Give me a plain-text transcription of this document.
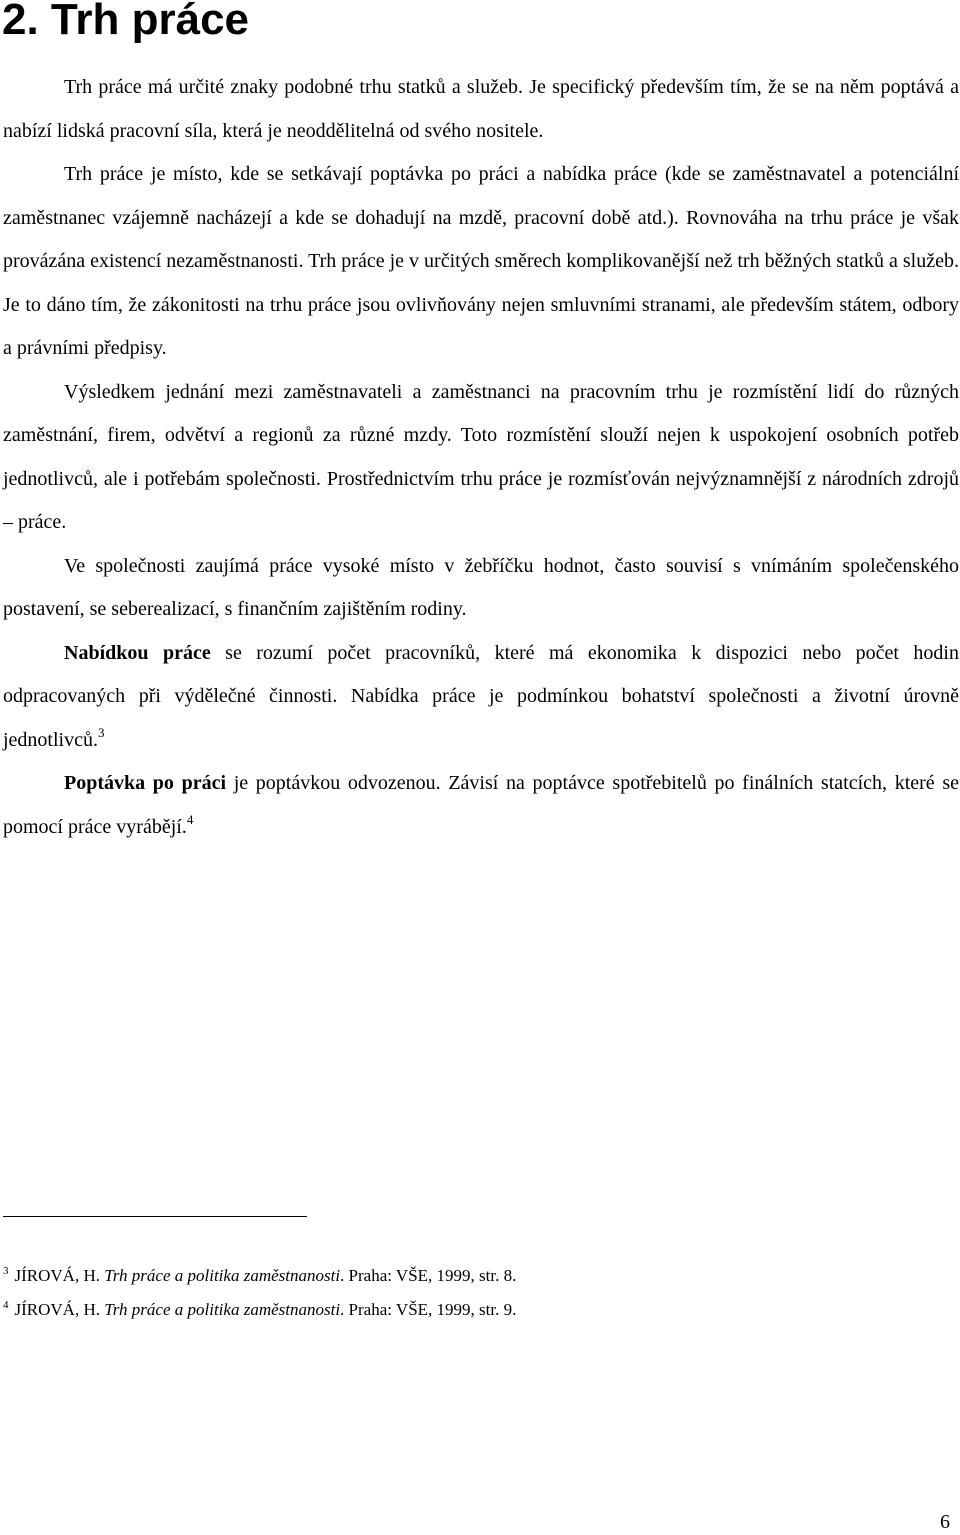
2. Trh práce

Trh práce má určité znaky podobné trhu statků a služeb. Je specifický především tím, že se na něm poptává a nabízí lidská pracovní síla, která je neoddělitelná od svého nositele.

Trh práce je místo, kde se setkávají poptávka po práci a nabídka práce (kde se zaměstnavatel a potenciální zaměstnanec vzájemně nacházejí a kde se dohadují na mzdě, pracovní době atd.). Rovnováha na trhu práce je však provázána existencí nezaměstnanosti. Trh práce je v určitých směrech komplikovanější než trh běžných statků a služeb. Je to dáno tím, že zákonitosti na trhu práce jsou ovlivňovány nejen smluvními stranami, ale především státem, odbory a právními předpisy.

Výsledkem jednání mezi zaměstnavateli a zaměstnanci na pracovním trhu je rozmístění lidí do různých zaměstnání, firem, odvětví a regionů za různé mzdy. Toto rozmístění slouží nejen k uspokojení osobních potřeb jednotlivců, ale i potřebám společnosti. Prostřednictvím trhu práce je rozmísťován nejvýznamnější z národních zdrojů – práce.

Ve společnosti zaujímá práce vysoké místo v žebříčku hodnot, často souvisí s vnímáním společenského postavení, se seberealizací, s finančním zajištěním rodiny.

Nabídkou práce se rozumí počet pracovníků, které má ekonomika k dispozici nebo počet hodin odpracovaných při výdělečné činnosti. Nabídka práce je podmínkou bohatství společnosti a životní úrovně jednotlivců.$^3$

Poptávka po práci je poptávkou odvozenou. Závisí na poptávce spotřebitelů po finálních statcích, které se pomocí práce vyrábějí.$^4$

$^3$ JÍROVÁ, H. Trh práce a politika zaměstnanosti. Praha: VŠE, 1999, str. 8.

$^4$ JÍROVÁ, H. Trh práce a politika zaměstnanosti. Praha: VŠE, 1999, str. 9.

6
